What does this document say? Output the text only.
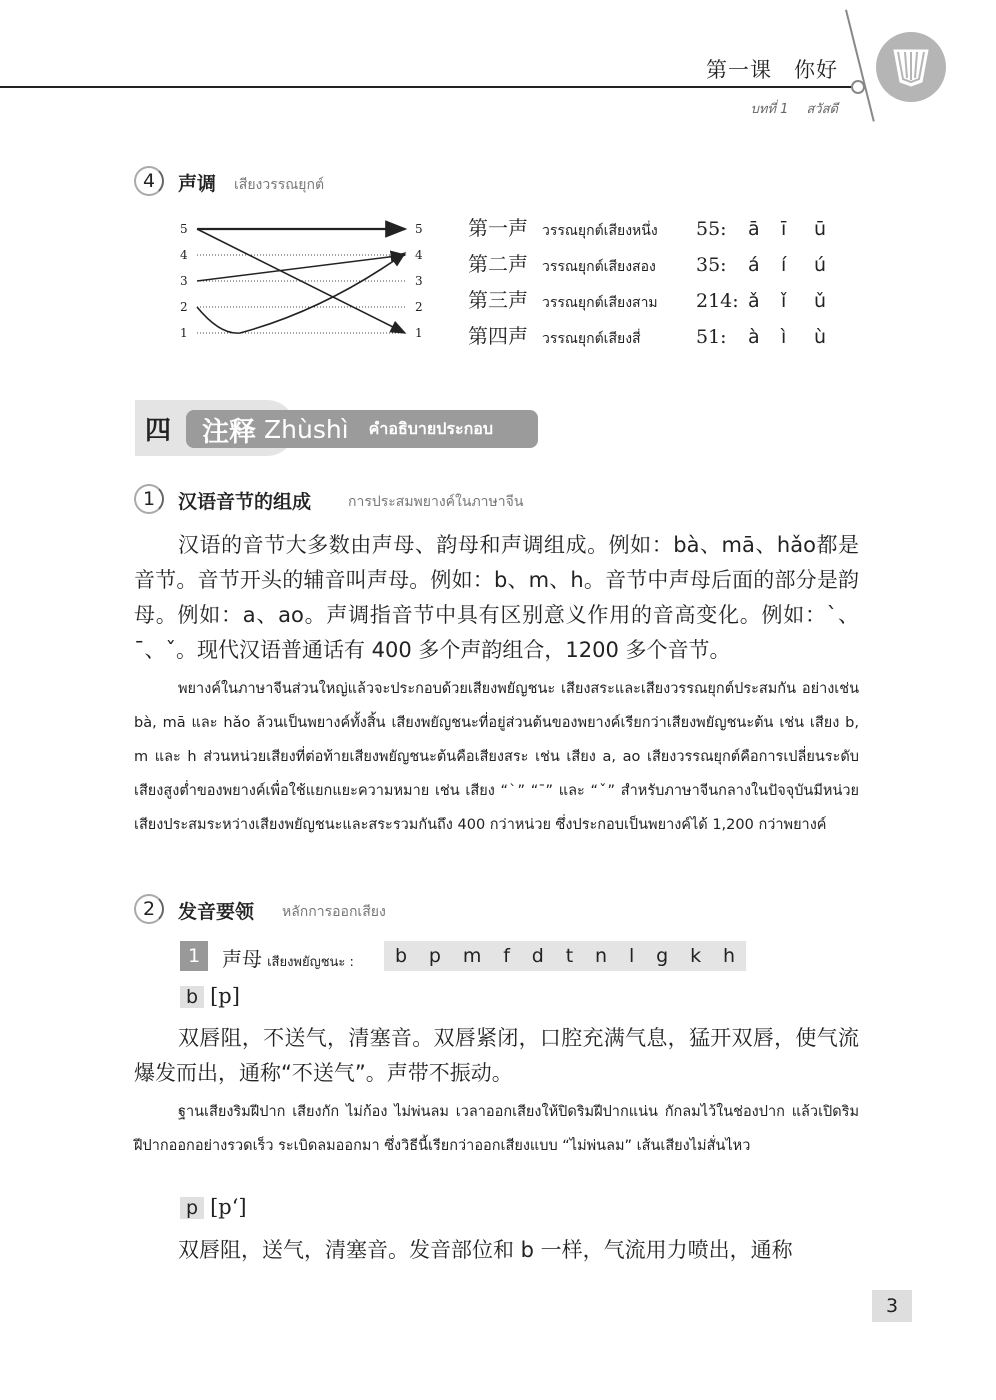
第一课　你好
บทที่ 1 สวัสดี
4	声调 เสียงวรรณยุกต์
5
4
3
2
1
5
4
3
2
1
第一声	วรรณยุกต์เสียงหนึ่ง	55:	ā	ī	ū
第二声	วรรณยุกต์เสียงสอง	35:	á	í	ú
第三声	วรรณยุกต์เสียงสาม	214: ǎ	ǐ	ǔ
第四声	วรรณยุกต์เสียงสี่	51:	à	ì	ù
四 注释 Zhùshì คำอธิบายประกอบ
1	汉语音节的组成	การประสมพยางค์ในภาษาจีน
汉语的音节大多数由声母、韵母和声调组成。例如：bà、mā、hǎo都是音节。音节开头的辅音叫声母。例如：b、m、h。音节中声母后面的部分是韵母。例如：a、ao。声调指音节中具有区别意义作用的音高变化。例如：ˋ、ˉ、ˇ。现代汉语普通话有 400 多个声韵组合，1200 多个音节。
พยางค์ในภาษาจีนส่วนใหญ่แล้วจะประกอบด้วยเสียงพยัญชนะ เสียงสระและเสียงวรรณยุกต์ประสมกัน อย่างเช่น bà, mā และ hǎo ล้วนเป็นพยางค์ทั้งสิ้น เสียงพยัญชนะที่อยู่ส่วนต้นของพยางค์เรียกว่าเสียงพยัญชนะต้น เช่น เสียง b, m และ h ส่วนหน่วยเสียงที่ต่อท้ายเสียงพยัญชนะต้นคือเสียงสระ เช่น เสียง a, ao เสียงวรรณยุกต์คือการเปลี่ยนระดับเสียงสูงต่ำของพยางค์เพื่อใช้แยกแยะความหมาย เช่น เสียง “ˋ” “ˉ” และ “ˇ” สำหรับภาษาจีนกลางในปัจจุบันมีหน่วยเสียงประสมระหว่างเสียงพยัญชนะและสระรวมกันถึง 400 กว่าหน่วย ซึ่งประกอบเป็นพยางค์ได้ 1,200 กว่าพยางค์
2	发音要领 หลักการออกเสียง
1	声母 เสียงพยัญชนะ : b p m f d t n l g k h
b [p]
双唇阻，不送气，清塞音。双唇紧闭，口腔充满气息，猛开双唇，使气流爆发而出，通称“不送气”。声带不振动。
ฐานเสียงริมฝีปาก เสียงกัก ไม่ก้อง ไม่พ่นลม เวลาออกเสียงให้ปิดริมฝีปากแน่น กักลมไว้ในช่องปาก แล้วเปิดริมฝีปากออกอย่างรวดเร็ว ระเบิดลมออกมา ซึ่งวิธีนี้เรียกว่าออกเสียงแบบ “ไม่พ่นลม” เส้นเสียงไม่สั่นไหว
p [p‘]
双唇阻，送气，清塞音。发音部位和 b 一样，气流用力喷出，通称
3
